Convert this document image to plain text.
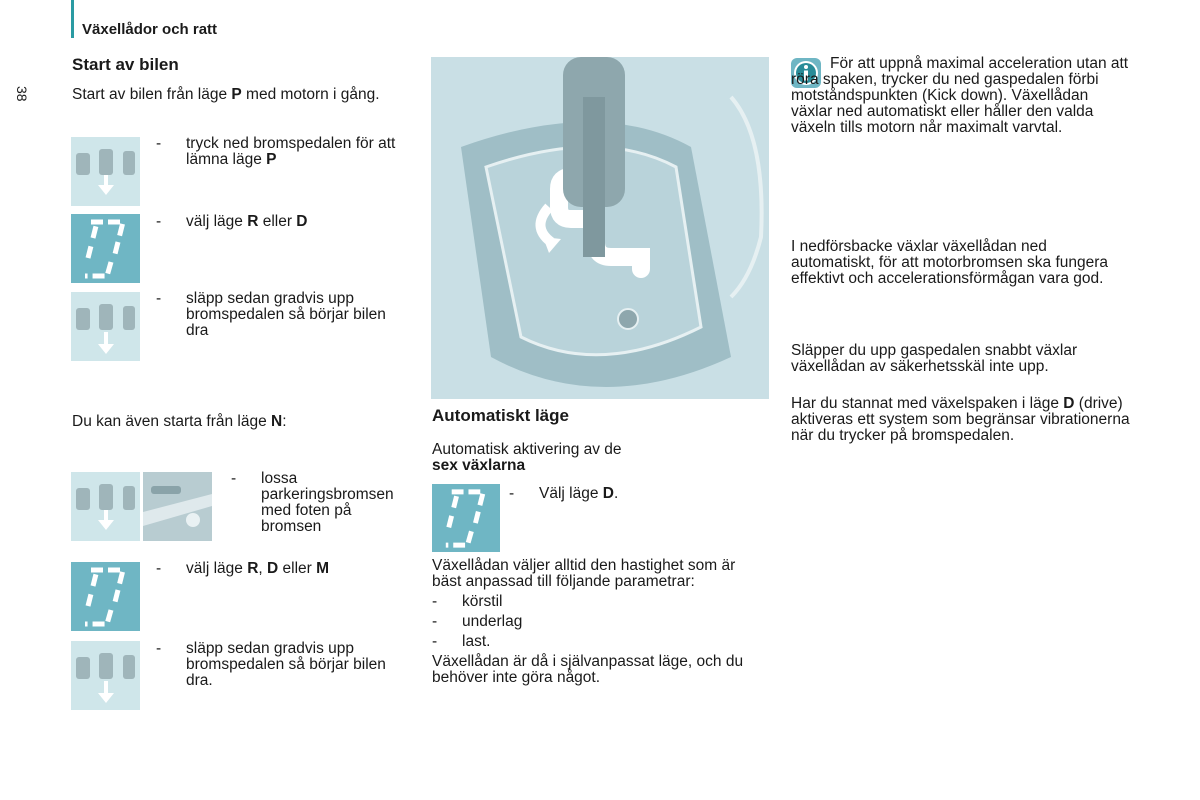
Växellådor och ratt
38
Start av bilen
Start av bilen från läge P med motorn i gång.
- tryck ned bromspedalen för att lämna läge P
- välj läge R eller D
- släpp sedan gradvis upp bromspedalen så börjar bilen dra
Du kan även starta från läge N:
- lossa parkeringsbromsen med foten på bromsen
- välj läge R, D eller M
- släpp sedan gradvis upp bromspedalen så börjar bilen dra.
Automatiskt läge
Automatisk aktivering av de
sex växlarna
- Välj läge D.
Växellådan väljer alltid den hastighet som är bäst anpassad till följande parametrar:
- körstil
- underlag
- last.
Växellådan är då i självanpassat läge, och du behöver inte göra något.
För att uppnå maximal acceleration utan att röra spaken, trycker du ned gaspedalen förbi motståndspunkten (Kick down). Växellådan växlar ned automatiskt eller håller den valda växeln tills motorn når maximalt varvtal.
I nedförsbacke växlar växellådan ned automatiskt, för att motorbromsen ska fungera effektivt och accelerationsförmågan vara god.
Släpper du upp gaspedalen snabbt växlar växellådan av säkerhetsskäl inte upp.
Har du stannat med växelspaken i läge D (drive) aktiveras ett system som begränsar vibrationerna när du trycker på bromspedalen.
